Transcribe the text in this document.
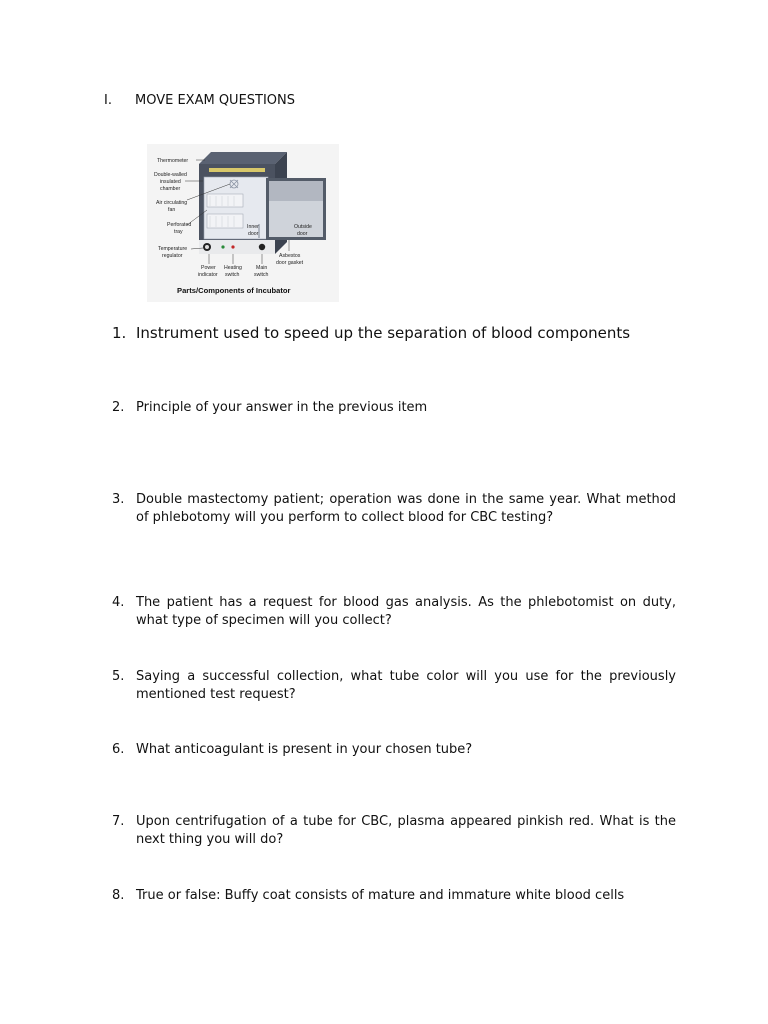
I. MOVE EXAM QUESTIONS
Thermometer
Double-walled
insulated
chamber
Air circulating
fan
Perforated
tray
Temperature
regulator
Power
indicator
Heating
switch
Main
switch
Inner
door
Outside
door
Asbestos
door gasket
Parts/Components of Incubator
1. Instrument used to speed up the separation of blood components
2. Principle of your answer in the previous item
3. Double mastectomy patient; operation was done in the same year. What method of phlebotomy will you perform to collect blood for CBC testing?
4. The patient has a request for blood gas analysis. As the phlebotomist on duty, what type of specimen will you collect?
5. Saying a successful collection, what tube color will you use for the previously mentioned test request?
6. What anticoagulant is present in your chosen tube?
7. Upon centrifugation of a tube for CBC, plasma appeared pinkish red. What is the next thing you will do?
8. True or false: Buffy coat consists of mature and immature white blood cells
